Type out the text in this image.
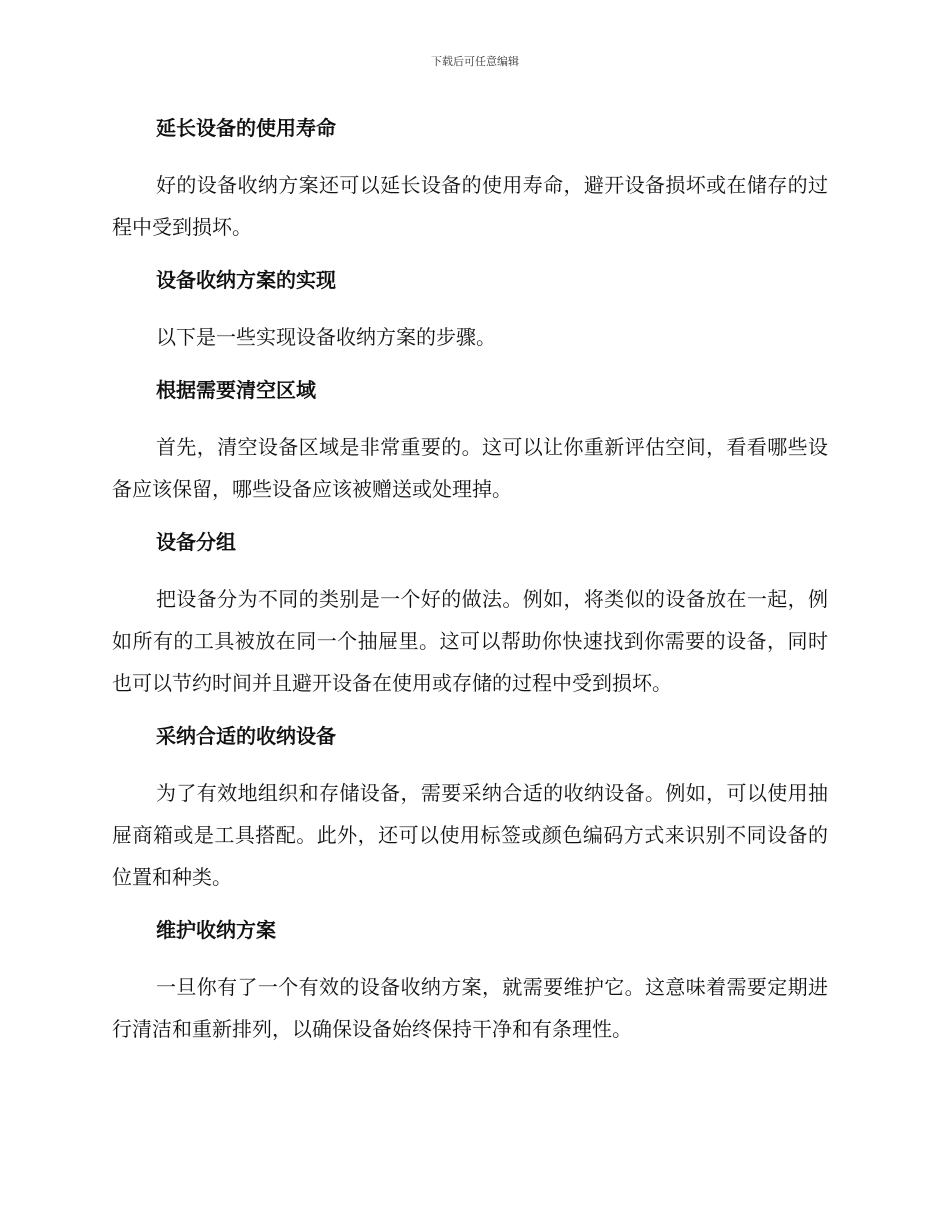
下载后可任意编辑
延长设备的使用寿命

好的设备收纳方案还可以延长设备的使用寿命，避开设备损坏或在储存的过程中受到损坏。

设备收纳方案的实现

以下是一些实现设备收纳方案的步骤。

根据需要清空区域

首先，清空设备区域是非常重要的。这可以让你重新评估空间，看看哪些设备应该保留，哪些设备应该被赠送或处理掉。

设备分组

把设备分为不同的类别是一个好的做法。例如，将类似的设备放在一起，例如所有的工具被放在同一个抽屉里。这可以帮助你快速找到你需要的设备，同时也可以节约时间并且避开设备在使用或存储的过程中受到损坏。

采纳合适的收纳设备

为了有效地组织和存储设备，需要采纳合适的收纳设备。例如，可以使用抽屉商箱或是工具搭配。此外，还可以使用标签或颜色编码方式来识别不同设备的位置和种类。

维护收纳方案

一旦你有了一个有效的设备收纳方案，就需要维护它。这意味着需要定期进行清洁和重新排列，以确保设备始终保持干净和有条理性。
